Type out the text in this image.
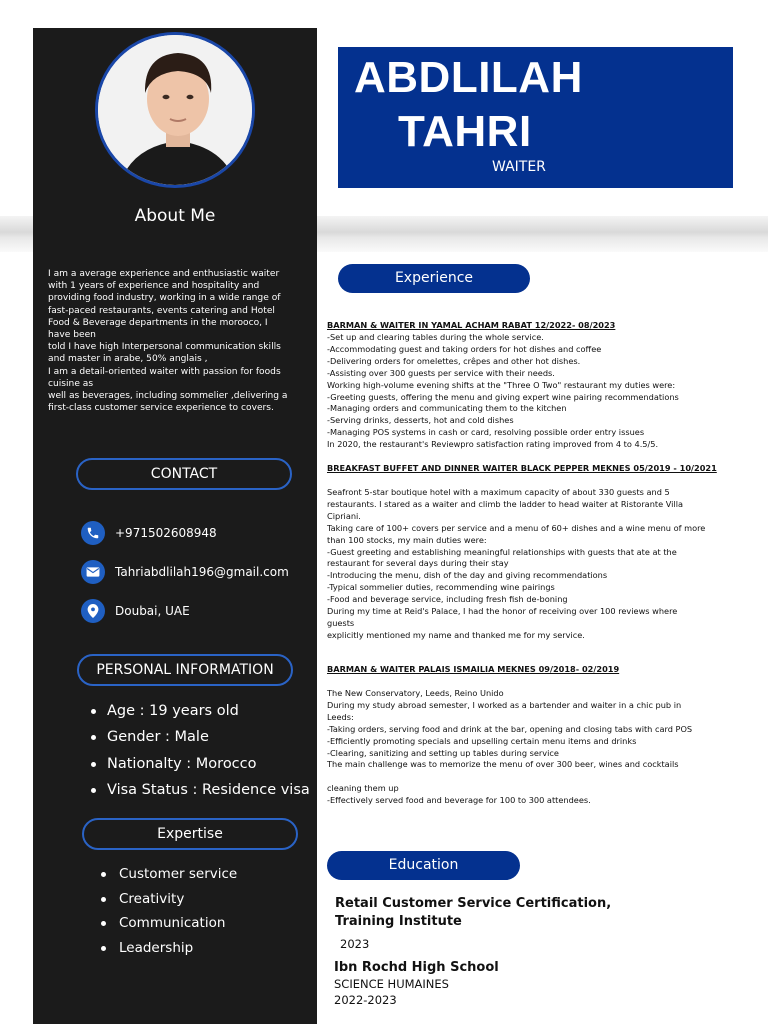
About Me
I am a average experience and enthusiastic waiter
with 1 years of experience and hospitality and
providing food industry, working in a wide range of
fast-paced restaurants, events catering and Hotel
Food & Beverage departments in the morooco, I
have been
told I have high Interpersonal communication skills
and master in arabe, 50% anglais ,
I am a detail-oriented waiter with passion for foods
cuisine as
well as beverages, including sommelier ,delivering a
first-class customer service experience to covers.
CONTACT
+971502608948
Tahriabdlilah196@gmail.com
Doubai, UAE
PERSONAL INFORMATION
Age : 19 years old
Gender : Male
Nationalty : Morocco
Visa Status : Residence visa
Expertise
Customer service
Creativity
Communication
Leadership
ABDLILAH
TAHRI
WAITER
Experience
BARMAN & WAITER IN YAMAL ACHAM RABAT 12/2022- 08/2023
-Set up and clearing tables during the whole service.
-Accommodating guest and taking orders for hot dishes and coffee
-Delivering orders for omelettes, crêpes and other hot dishes.
-Assisting over 300 guests per service with their needs.
Working high-volume evening shifts at the "Three O Two" restaurant my duties were:
-Greeting guests, offering the menu and giving expert wine pairing recommendations
-Managing orders and communicating them to the kitchen
-Serving drinks, desserts, hot and cold dishes
-Managing POS systems in cash or card, resolving possible order entry issues
In 2020, the restaurant's Reviewpro satisfaction rating improved from 4 to 4.5/5.
BREAKFAST BUFFET AND DINNER WAITER BLACK PEPPER MEKNES 05/2019 - 10/2021
Seafront 5-star boutique hotel with a maximum capacity of about 330 guests and 5
restaurants. I stared as a waiter and climb the ladder to head waiter at Ristorante Villa
Cipriani.
Taking care of 100+ covers per service and a menu of 60+ dishes and a wine menu of more
than 100 stocks, my main duties were:
-Guest greeting and establishing meaningful relationships with guests that ate at the
restaurant for several days during their stay
-Introducing the menu, dish of the day and giving recommendations
-Typical sommelier duties, recommending wine pairings
-Food and beverage service, including fresh fish de-boning
During my time at Reid's Palace, I had the honor of receiving over 100 reviews where
guests
explicitly mentioned my name and thanked me for my service.
BARMAN & WAITER PALAIS ISMAILIA MEKNES 09/2018- 02/2019
The New Conservatory, Leeds, Reino Unido
During my study abroad semester, I worked as a bartender and waiter in a chic pub in
Leeds:
-Taking orders, serving food and drink at the bar, opening and closing tabs with card POS
-Efficiently promoting specials and upselling certain menu items and drinks
-Clearing, sanitizing and setting up tables during service
The main challenge was to memorize the menu of over 300 beer, wines and cocktails

cleaning them up
-Effectively served food and beverage for 100 to 300 attendees.
Education
Retail Customer Service Certification,
Training Institute
2023
Ibn Rochd High School
SCIENCE HUMAINES
2022-2023
